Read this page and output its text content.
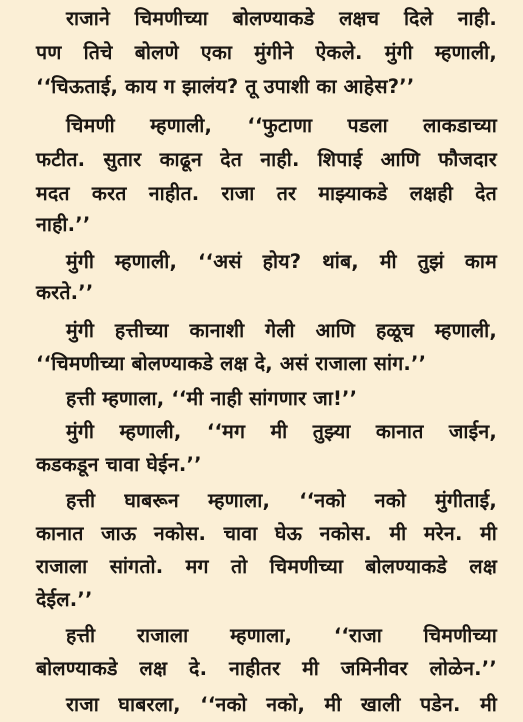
राजाने चिमणीच्या बोलण्याकडे लक्षच दिले नाही.
पण तिचे बोलणे एका मुंगीने ऐकले. मुंगी म्हणाली,
‘‘चिऊताई, काय ग झालंय? तू उपाशी का आहेस?’’
चिमणी म्हणाली, ‘‘फुटाणा पडला लाकडाच्या
फटीत. सुतार काढून देत नाही. शिपाई आणि फौजदार
मदत करत नाहीत. राजा तर माझ्याकडे लक्षही देत
नाही.’’
मुंगी म्हणाली, ‘‘असं होय? थांब, मी तुझं काम
करते.’’
मुंगी हत्तीच्या कानाशी गेली आणि हळूच म्हणाली,
‘‘चिमणीच्या बोलण्याकडे लक्ष दे, असं राजाला सांग.’’
हत्ती म्हणाला, ‘‘मी नाही सांगणार जा!’’
मुंगी म्हणाली, ‘‘मग मी तुझ्या कानात जाईन,
कडकडून चावा घेईन.’’
हत्ती घाबरून म्हणाला, ‘‘नको नको मुंगीताई,
कानात जाऊ नकोस. चावा घेऊ नकोस. मी मरेन. मी
राजाला सांगतो. मग तो चिमणीच्या बोलण्याकडे लक्ष
देईल.’’
हत्ती राजाला म्हणाला, ‘‘राजा चिमणीच्या
बोलण्याकडे लक्ष दे. नाहीतर मी जमिनीवर लोळेन.’’
राजा घाबरला, ‘‘नको नको, मी खाली पडेन. मी
